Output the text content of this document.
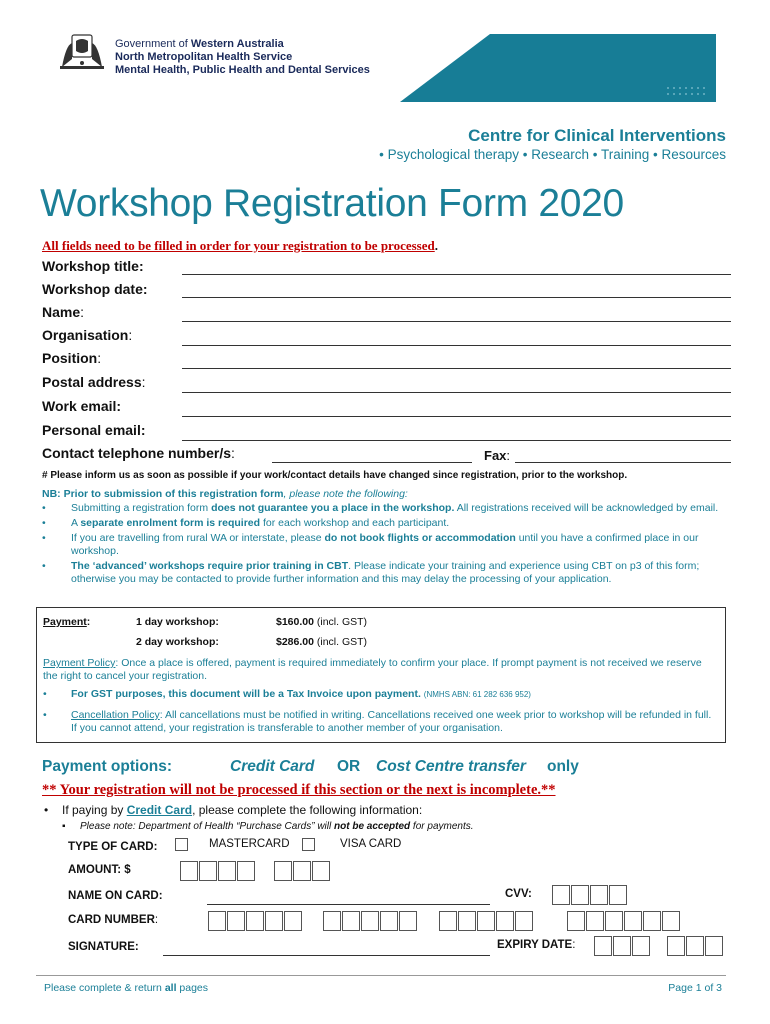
Government of Western Australia
North Metropolitan Health Service
Mental Health, Public Health and Dental Services
Centre for Clinical Interventions
• Psychological therapy • Research • Training • Resources
Workshop Registration Form 2020
All fields need to be filled in order for your registration to be processed.
Workshop title:
Workshop date:
Name:
Organisation:
Position:
Postal address:
Work email:
Personal email:
Contact telephone number/s:	Fax:
# Please inform us as soon as possible if your work/contact details have changed since registration, prior to the workshop.
NB: Prior to submission of this registration form, please note the following:
•	Submitting a registration form does not guarantee you a place in the workshop. All registrations received will be acknowledged by email.
•	A separate enrolment form is required for each workshop and each participant.
•	If you are travelling from rural WA or interstate, please do not book flights or accommodation until you have a confirmed place in our workshop.
•	The ‘advanced’ workshops require prior training in CBT. Please indicate your training and experience using CBT on p3 of this form; otherwise you may be contacted to provide further information and this may delay the processing of your application.
Payment:	1 day workshop:	$160.00 (incl. GST)
2 day workshop:	$286.00 (incl. GST)
Payment Policy: Once a place is offered, payment is required immediately to confirm your place. If prompt payment is not received we reserve the right to cancel your registration.
•	For GST purposes, this document will be a Tax Invoice upon payment. (NMHS ABN: 61 282 636 952)
•	Cancellation Policy: All cancellations must be notified in writing. Cancellations received one week prior to workshop will be refunded in full. If you cannot attend, your registration is transferable to another member of your organisation.
Payment options:	Credit Card OR Cost Centre transfer only
** Your registration will not be processed if this section or the next is incomplete.**
•	If paying by Credit Card, please complete the following information:
▪	Please note: Department of Health “Purchase Cards” will not be accepted for payments.
TYPE OF CARD:	MASTERCARD	VISA CARD
AMOUNT: $
NAME ON CARD:	CVV:
CARD NUMBER:
SIGNATURE:	EXPIRY DATE:
Please complete & return all pages	Page 1 of 3
